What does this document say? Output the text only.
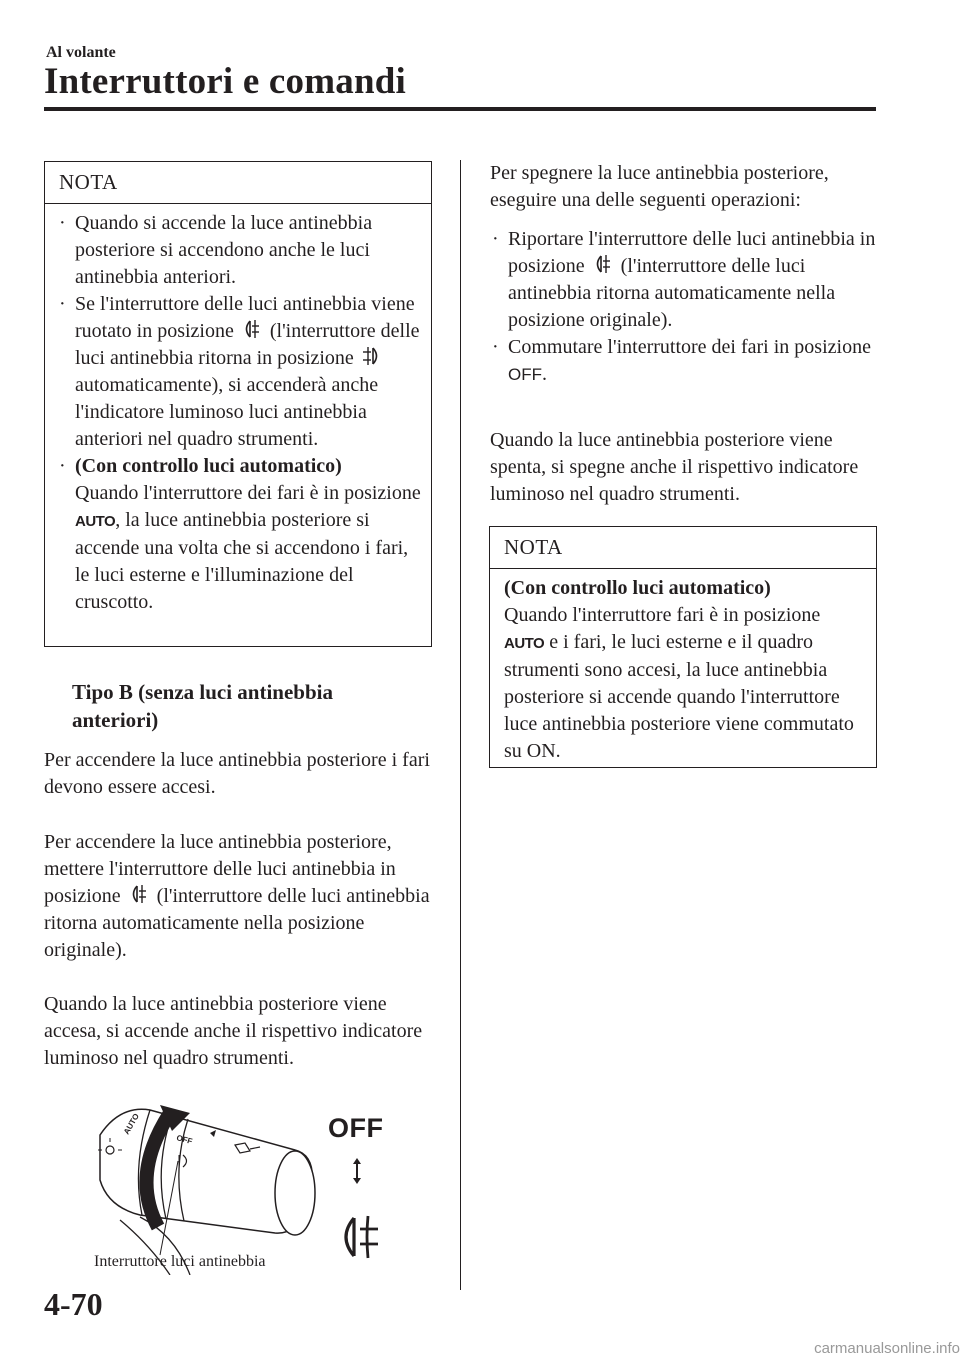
Al volante
Interruttori e comandi
NOTA
· Quando si accende la luce antinebbia posteriore si accendono anche le luci antinebbia anteriori.
· Se l'interruttore delle luci antinebbia viene ruotato in posizione (l'interruttore delle luci antinebbia ritorna in posizione  automaticamente), si accenderà anche l'indicatore luminoso luci antinebbia anteriori nel quadro strumenti.
· (Con controllo luci automatico)
Quando l'interruttore dei fari è in posizione AUTO, la luce antinebbia posteriore si accende una volta che si accendono i fari, le luci esterne e l'illuminazione del cruscotto.
Tipo B (senza luci antinebbia anteriori)
Per accendere la luce antinebbia posteriore i fari devono essere accesi.
Per accendere la luce antinebbia posteriore, mettere l'interruttore delle luci antinebbia in posizione (l'interruttore delle luci antinebbia ritorna automaticamente nella posizione originale).
Quando la luce antinebbia posteriore viene accesa, si accende anche il rispettivo indicatore luminoso nel quadro strumenti.
OFF
AUTO	OFF
Interruttore luci antinebbia
Per spegnere la luce antinebbia posteriore, eseguire una delle seguenti operazioni:
· Riportare l'interruttore delle luci antinebbia in posizione (l'interruttore delle luci antinebbia ritorna automaticamente nella posizione originale).
· Commutare l'interruttore dei fari in posizione OFF.
Quando la luce antinebbia posteriore viene spenta, si spegne anche il rispettivo indicatore luminoso nel quadro strumenti.
NOTA
(Con controllo luci automatico)
Quando l'interruttore fari è in posizione
AUTO e i fari, le luci esterne e il quadro strumenti sono accesi, la luce antinebbia posteriore si accende quando l'interruttore luce antinebbia posteriore viene commutato su ON.
4-70
carmanualsonline.info
